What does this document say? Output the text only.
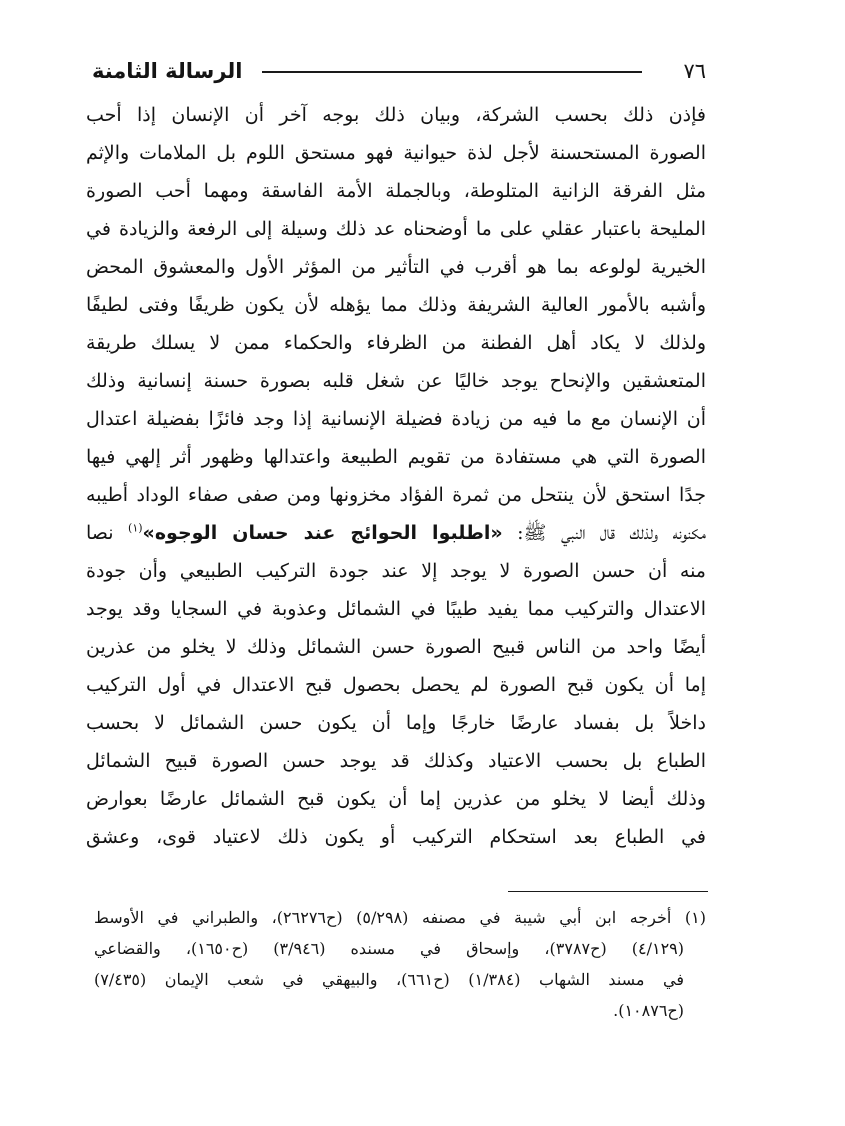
الرسالة الثامنة	٧٦
فإذن ذلك بحسب الشركة، وبيان ذلك بوجه آخر أن الإنسان إذا أحب
الصورة المستحسنة لأجل لذة حيوانية فهو مستحق اللوم بل الملامات والإثم
مثل الفرقة الزانية المتلوطة، وبالجملة الأمة الفاسقة ومهما أحب الصورة
المليحة باعتبار عقلي على ما أوضحناه عد ذلك وسيلة إلى الرفعة والزيادة في
الخيرية لولوعه بما هو أقرب في التأثير من المؤثر الأول والمعشوق المحض
وأشبه بالأمور العالية الشريفة وذلك مما يؤهله لأن يكون ظريفًا وفتى لطيفًا
ولذلك لا يكاد أهل الفطنة من الظرفاء والحكماء ممن لا يسلك طريقة
المتعشقين والإنحاح يوجد خاليًا عن شغل قلبه بصورة حسنة إنسانية وذلك
أن الإنسان مع ما فيه من زيادة فضيلة الإنسانية إذا وجد فائزًا بفضيلة اعتدال
الصورة التي هي مستفادة من تقويم الطبيعة واعتدالها وظهور أثر إلهي فيها
جدًا استحق لأن ينتحل من ثمرة الفؤاد مخزونها ومن صفى صفاء الوداد أطيبه
مكنونه ولذلك قال النبي ﷺ: «اطلبوا الحوائج عند حسان الوجوه»$^{(١)}$ نصا
منه أن حسن الصورة لا يوجد إلا عند جودة التركيب الطبيعي وأن جودة
الاعتدال والتركيب مما يفيد طيبًا في الشمائل وعذوبة في السجايا وقد يوجد
أيضًا واحد من الناس قبيح الصورة حسن الشمائل وذلك لا يخلو من عذرين
إما أن يكون قبح الصورة لم يحصل بحصول قبح الاعتدال في أول التركيب
داخلاً بل بفساد عارضًا خارجًا وإما أن يكون حسن الشمائل لا بحسب
الطباع بل بحسب الاعتياد وكذلك قد يوجد حسن الصورة قبيح الشمائل
وذلك أيضا لا يخلو من عذرين إما أن يكون قبح الشمائل عارضًا بعوارض
في الطباع بعد استحكام التركيب أو يكون ذلك لاعتياد قوى، وعشق
(١) أخرجه ابن أبي شيبة في مصنفه (٥/٢٩٨) (ح٢٦٢٧٦)، والطبراني في الأوسط
(٤/١٢٩) (ح٣٧٨٧)، وإسحاق في مسنده (٣/٩٤٦) (ح١٦٥٠)، والقضاعي
في مسند الشهاب (١/٣٨٤) (ح٦٦١)، والبيهقي في شعب الإيمان (٧/٤٣٥)
(ح١٠٨٧٦).
